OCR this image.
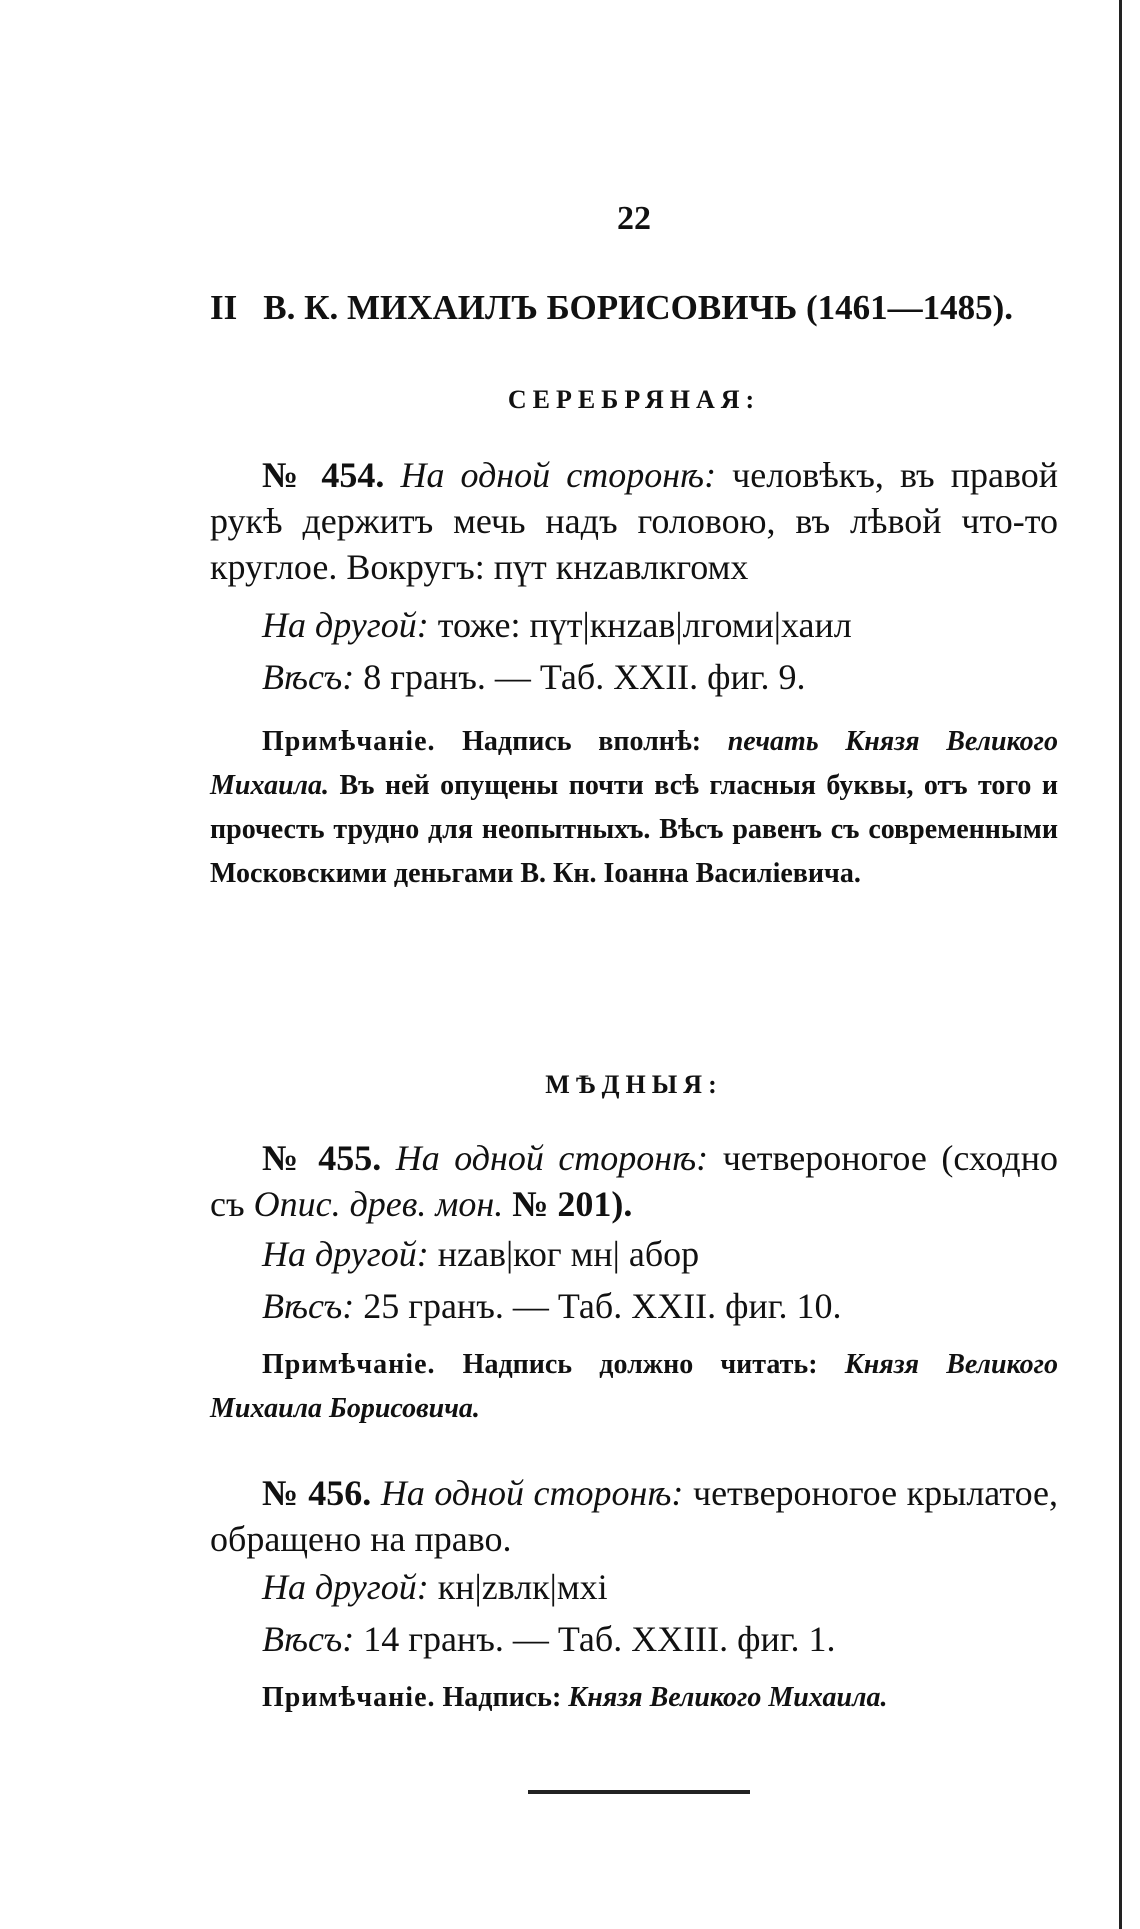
22
II В. К. МИХАИЛЪ БОРИСОВИЧЬ (1461—1485).
СЕРЕБРЯНАЯ:
№ 454. На одной сторонѣ: человѣкъ, въ правой рукѣ держитъ мечь надъ головою, въ лѣвой что-то круглое. Вокругъ: пүт кнzавлкгомх
На другой: тоже: пүт|кнzав|лгоми|хаил
Вѣсъ: 8 гранъ. — Таб. XXII. фиг. 9.
Примѣчаніе. Надпись вполнѣ: печать Князя Великого Михаила. Въ ней опущены почти всѣ гласныя буквы, отъ того и прочесть трудно для неопытныхъ. Вѣсъ равенъ съ современными Московскими деньгами В. Кн. Іоанна Василіевича.
МѢДНЫЯ:
№ 455. На одной сторонѣ: четвероногое (сходно съ Опис. древ. мон. № 201).
На другой: нzав|ког мн| абор
Вѣсъ: 25 гранъ. — Таб. XXII. фиг. 10.
Примѣчаніе. Надпись должно читать: Князя Великого Михаила Борисовича.
№ 456. На одной сторонѣ: четвероногое крылатое, обращено на право.
На другой: кн|zвлк|мхі
Вѣсъ: 14 гранъ. — Таб. XXIII. фиг. 1.
Примѣчаніе. Надпись: Князя Великого Михаила.
